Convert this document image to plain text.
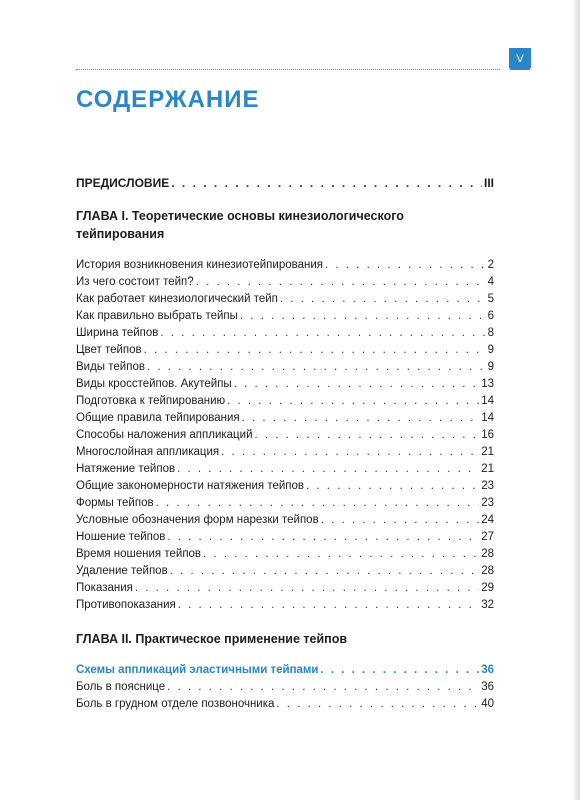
V
СОДЕРЖАНИЕ
ПРЕДИСЛОВИЕ . . .	III
ГЛАВА I. Теоретические основы кинезиологического тейпирования
История возникновения кинезиотейпирования . . .	2
Из чего состоит тейп? . . .	4
Как работает кинезиологический тейп . . .	5
Как правильно выбрать тейпы . . .	6
Ширина тейпов . . .	8
Цвет тейпов . . .	9
Виды тейпов . . .	9
Виды кросстейпов. Акутейпы . . .	13
Подготовка к тейпированию . . .	14
Общие правила тейпирования . . .	14
Способы наложения аппликаций . . .	16
Многослойная аппликация . . .	21
Натяжение тейпов . . .	21
Общие закономерности натяжения тейпов . . .	23
Формы тейпов . . .	23
Условные обозначения форм нарезки тейпов . . .	24
Ношение тейпов . . .	27
Время ношения тейпов . . .	28
Удаление тейпов . . .	28
Показания . . .	29
Противопоказания . . .	32
ГЛАВА II. Практическое применение тейпов
Схемы аппликаций эластичными тейпами . . .	36
Боль в пояснице . . .	36
Боль в грудном отделе позвоночника . . .	40
